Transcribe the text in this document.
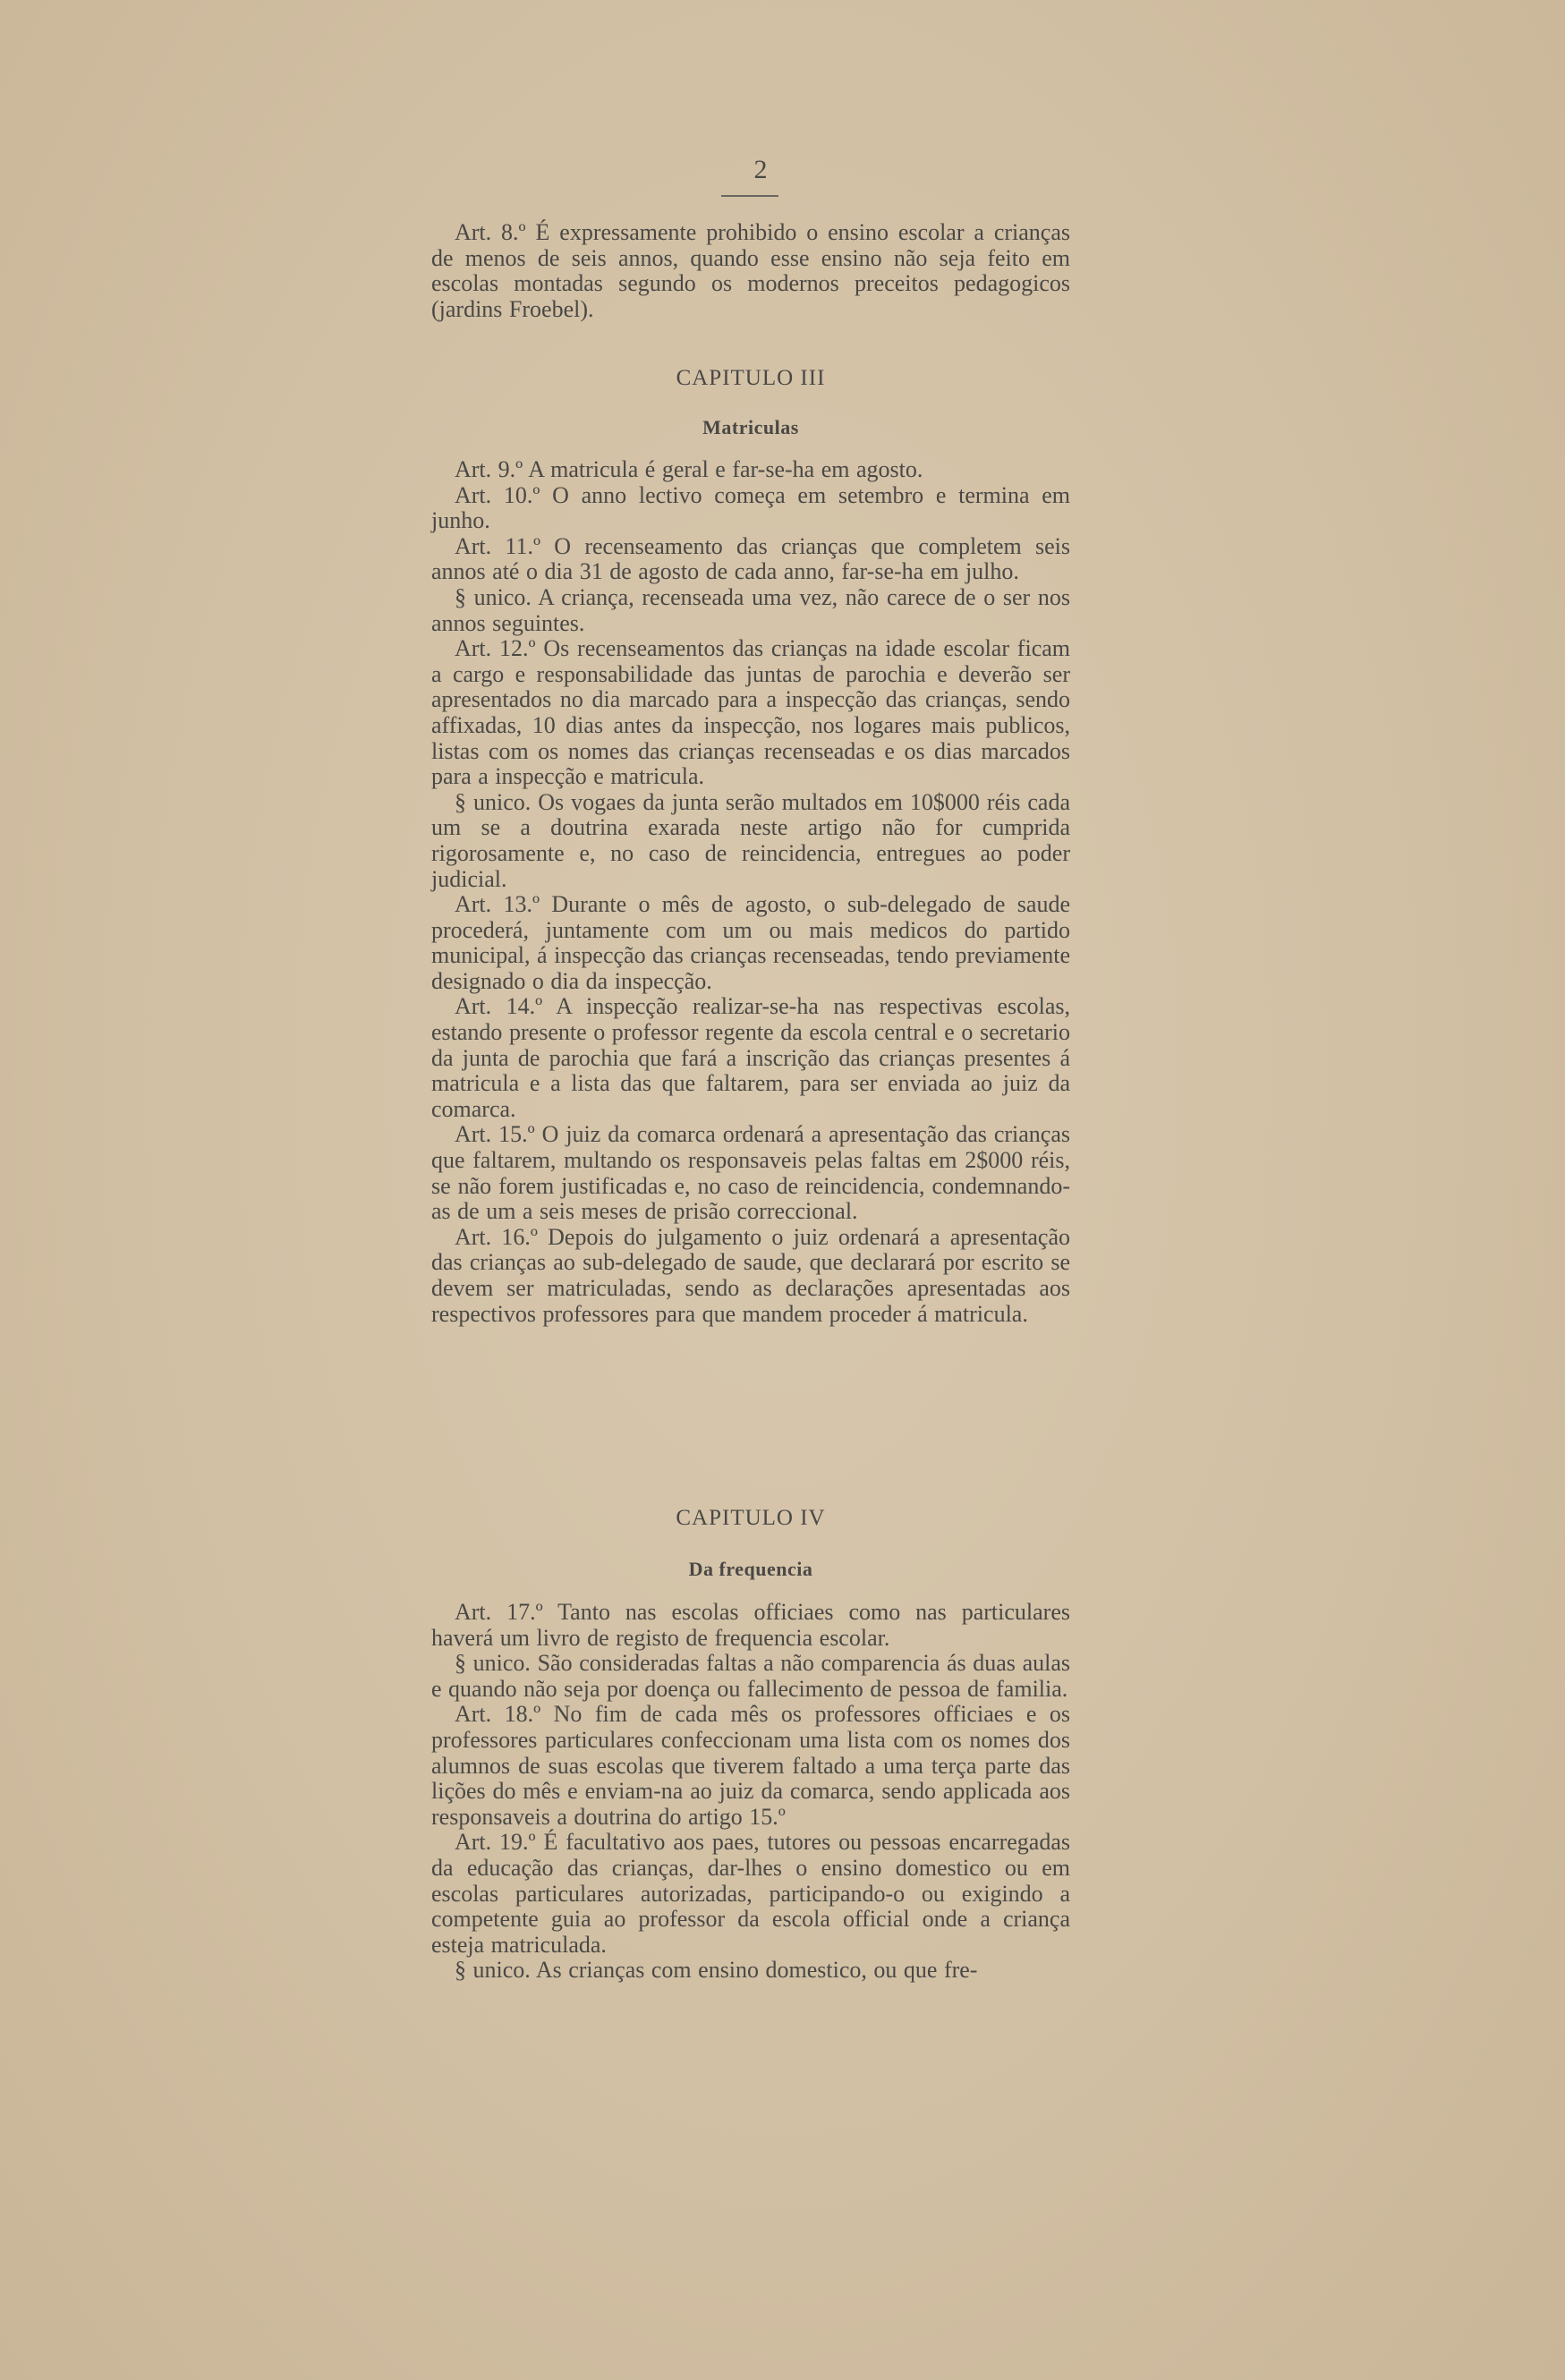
2

Art. 8.º É expressamente prohibido o ensino escolar a crianças de menos de seis annos, quando esse ensino não seja feito em escolas montadas segundo os modernos preceitos pedagogicos (jardins Froebel).

CAPITULO III
Matriculas

Art. 9.º A matricula é geral e far-se-ha em agosto.

Art. 10.º O anno lectivo começa em setembro e termina em junho.

Art. 11.º O recenseamento das crianças que completem seis annos até o dia 31 de agosto de cada anno, far-se-ha em julho.

§ unico. A criança, recenseada uma vez, não carece de o ser nos annos seguintes.

Art. 12.º Os recenseamentos das crianças na idade escolar ficam a cargo e responsabilidade das juntas de parochia e deverão ser apresentados no dia marcado para a inspecção das crianças, sendo affixadas, 10 dias antes da inspecção, nos logares mais publicos, listas com os nomes das crianças recenseadas e os dias marcados para a inspecção e matricula.

§ unico. Os vogaes da junta serão multados em 10$000 réis cada um se a doutrina exarada neste artigo não for cumprida rigorosamente e, no caso de reincidencia, entregues ao poder judicial.

Art. 13.º Durante o mês de agosto, o sub-delegado de saude procederá, juntamente com um ou mais medicos do partido municipal, á inspecção das crianças recenseadas, tendo previamente designado o dia da inspecção.

Art. 14.º A inspecção realizar-se-ha nas respectivas escolas, estando presente o professor regente da escola central e o secretario da junta de parochia que fará a inscrição das crianças presentes á matricula e a lista das que faltarem, para ser enviada ao juiz da comarca.

Art. 15.º O juiz da comarca ordenará a apresentação das crianças que faltarem, multando os responsaveis pelas faltas em 2$000 réis, se não forem justificadas e, no caso de reincidencia, condemnando-as de um a seis meses de prisão correccional.

Art. 16.º Depois do julgamento o juiz ordenará a apresentação das crianças ao sub-delegado de saude, que declarará por escrito se devem ser matriculadas, sendo as declarações apresentadas aos respectivos professores para que mandem proceder á matricula.

CAPITULO IV
Da frequencia

Art. 17.º Tanto nas escolas officiaes como nas particulares haverá um livro de registo de frequencia escolar.

§ unico. São consideradas faltas a não comparencia ás duas aulas e quando não seja por doença ou fallecimento de pessoa de familia.

Art. 18.º No fim de cada mês os professores officiaes e os professores particulares confeccionam uma lista com os nomes dos alumnos de suas escolas que tiverem faltado a uma terça parte das lições do mês e enviam-na ao juiz da comarca, sendo applicada aos responsaveis a doutrina do artigo 15.º

Art. 19.º É facultativo aos paes, tutores ou pessoas encarregadas da educação das crianças, dar-lhes o ensino domestico ou em escolas particulares autorizadas, participando-o ou exigindo a competente guia ao professor da escola official onde a criança esteja matriculada.

§ unico. As crianças com ensino domestico, ou que fre-
